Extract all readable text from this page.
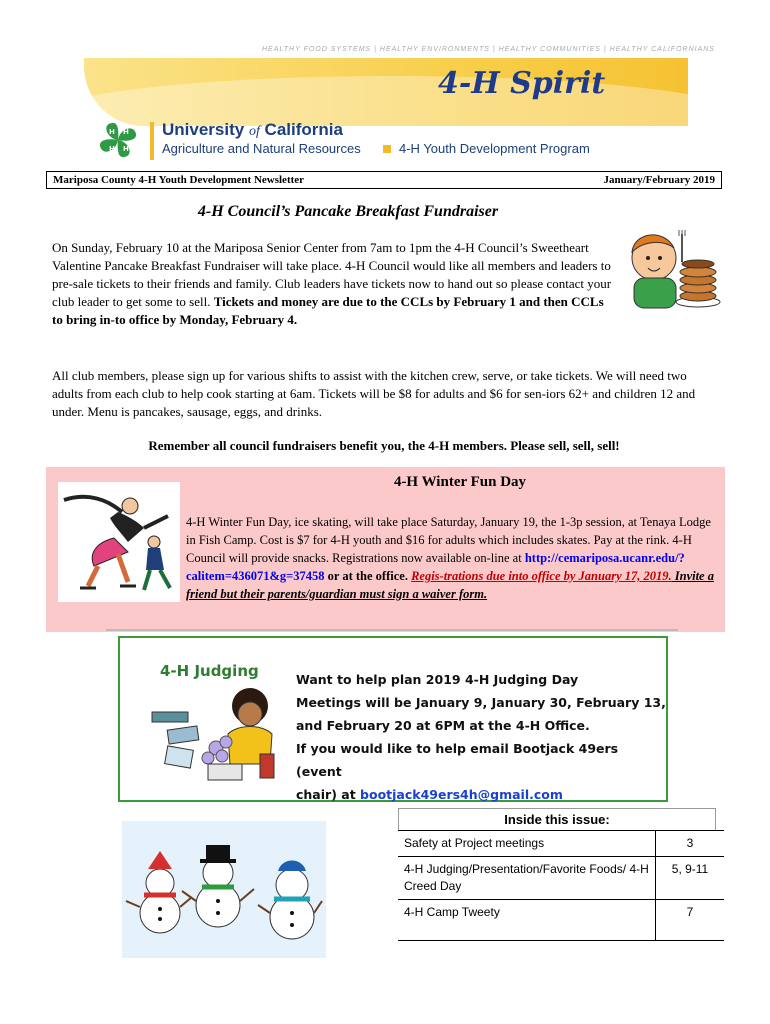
HEALTHY FOOD SYSTEMS | HEALTHY ENVIRONMENTS | HEALTHY COMMUNITIES | HEALTHY CALIFORNIANS
4-H Spirit
H H
H
H
University of California
Agriculture and Natural Resources	4-H Youth Development Program
Mariposa County 4-H Youth Development Newsletter	January/February 2019
4-H Council’s Pancake Breakfast Fundraiser
On Sunday, February 10 at the Mariposa Senior Center from 7am to 1pm the 4-H Council’s Sweetheart Valentine Pancake Breakfast Fundraiser will take place. 4-H Council would like all members and leaders to pre-sale tickets to their friends and family. Club leaders have tickets now to hand out so please contact your club leader to get some to sell. Tickets and money are due to the CCLs by February 1 and then CCLs to bring in-to office by Monday, February 4.
All club members, please sign up for various shifts to assist with the kitchen crew, serve, or take tickets. We will need two adults from each club to help cook starting at 6am. Tickets will be $8 for adults and $6 for sen-iors 62+ and children 12 and under. Menu is pancakes, sausage, eggs, and drinks.
Remember all council fundraisers benefit you, the 4-H members. Please sell, sell, sell!
4-H Winter Fun Day
4-H Winter Fun Day, ice skating, will take place Saturday, January 19, the 1-3p session, at Tenaya Lodge in Fish Camp. Cost is $7 for 4-H youth and $16 for adults which includes skates. Pay at the rink. 4-H Council will provide snacks. Registrations now available on-line at http://cemariposa.ucanr.edu/?calitem=436071&g=37458 or at the office. Regis-trations due into office by January 17, 2019. Invite a friend but their parents/guardian must sign a waiver form.
4-H Judging	Want to help plan 2019 4-H Judging Day
Meetings will be January 9, January 30, February 13,
and February 20 at 6PM at the 4-H Office.
If you would like to help email Bootjack 49ers (event
chair) at bootjack49ers4h@gmail.com
Inside this issue:
Safety at Project meetings	3
4-H Judging/Presentation/Favorite Foods/ 4-H Creed Day	5, 9-11
4-H Camp Tweety	7
